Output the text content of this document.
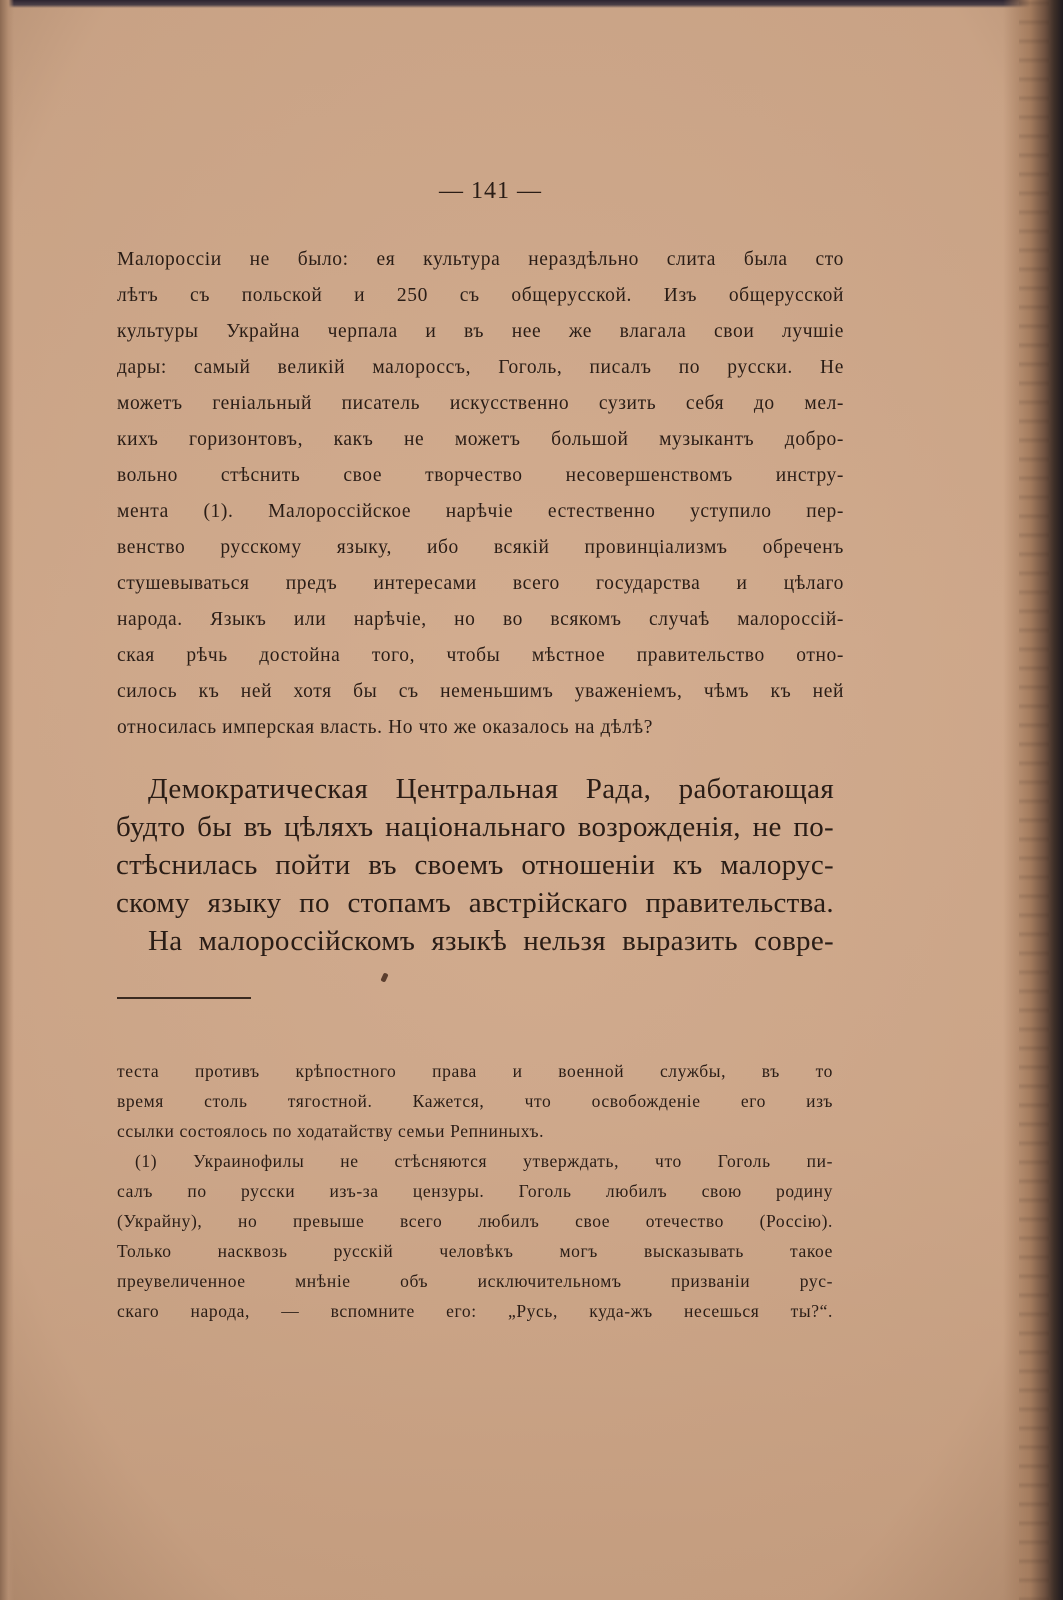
— 141 —
Малороссіи не было: ея культура нераздѣльно слита была сто
лѣтъ съ польской и 250 съ общерусской. Изъ общерусской
культуры Украйна черпала и въ нее же влагала свои лучшіе
дары: самый великій малороссъ, Гоголь, писалъ по русски. Не
можетъ геніальный писатель искусственно сузить себя до мел-
кихъ горизонтовъ, какъ не можетъ большой музыкантъ добро-
вольно стѣснить свое творчество несовершенствомъ инстру-
мента (1). Малороссійское нарѣчіе естественно уступило пер-
венство русскому языку, ибо всякій провинціализмъ обреченъ
стушевываться предъ интересами всего государства и цѣлаго
народа. Языкъ или нарѣчіе, но во всякомъ случаѣ малороссій-
ская рѣчь достойна того, чтобы мѣстное правительство отно-
силось къ ней хотя бы съ неменьшимъ уваженіемъ, чѣмъ къ ней
относилась имперская власть. Но что же оказалось на дѣлѣ?
Демократическая Центральная Рада, работающая
будто бы въ цѣляхъ національнаго возрожденія, не по-
стѣснилась пойти въ своемъ отношеніи къ малорус-
скому языку по стопамъ австрійскаго правительства.
На малороссійскомъ языкѣ нельзя выразить совре-
теста противъ крѣпостного права и военной службы, въ то
время столь тягостной. Кажется, что освобожденіе его изъ
ссылки состоялось по ходатайству семьи Репниныхъ.
(1) Украинофилы не стѣсняются утверждать, что Гоголь пи-
салъ по русски изъ-за цензуры. Гоголь любилъ свою родину
(Украйну), но превыше всего любилъ свое отечество (Россію).
Только насквозь русскій человѣкъ могъ высказывать такое
преувеличенное мнѣніе объ исключительномъ призваніи рус-
скаго народа, — вспомните его: „Русь, куда-жъ несешься ты?“.
